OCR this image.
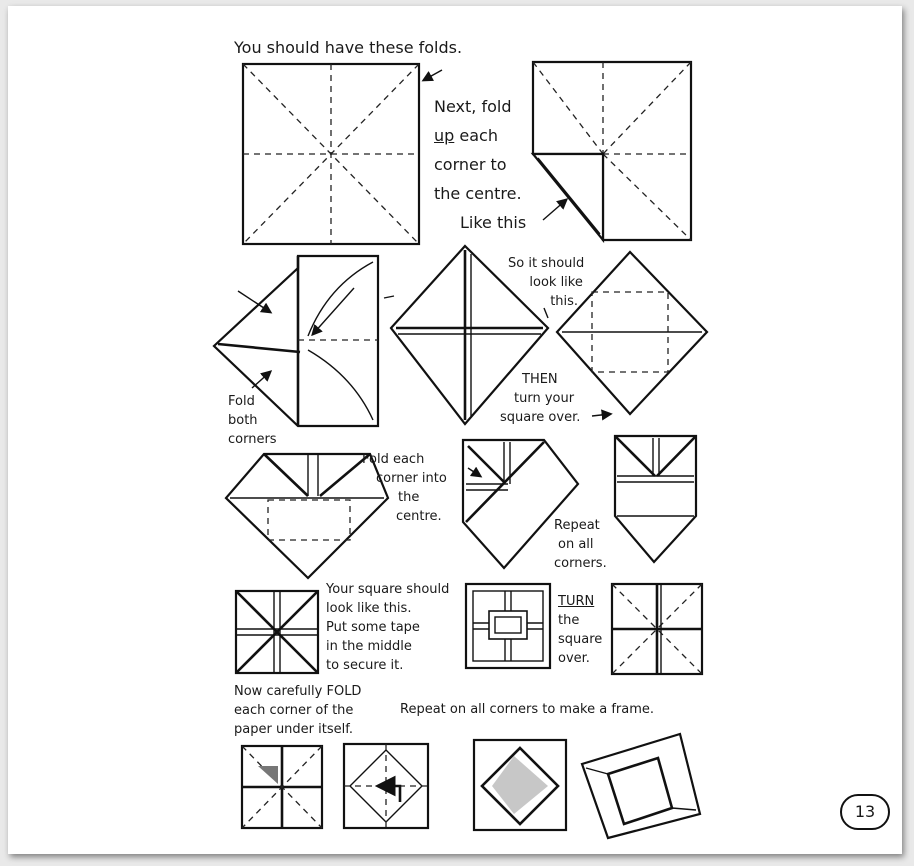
You should have these folds.
Next, fold
up each
corner to
the centre.
Like this
So it should
look like
this.
Fold
both
corners
THEN
turn your
square over.
Fold each
corner into
the
centre.
Repeat
on all
corners.
Your square should
look like this.
Put some tape
in the middle
to secure it.
TURN
the
square
over.
Now carefully FOLD
each corner of the
paper under itself.
Repeat on all corners to make a frame.
13
